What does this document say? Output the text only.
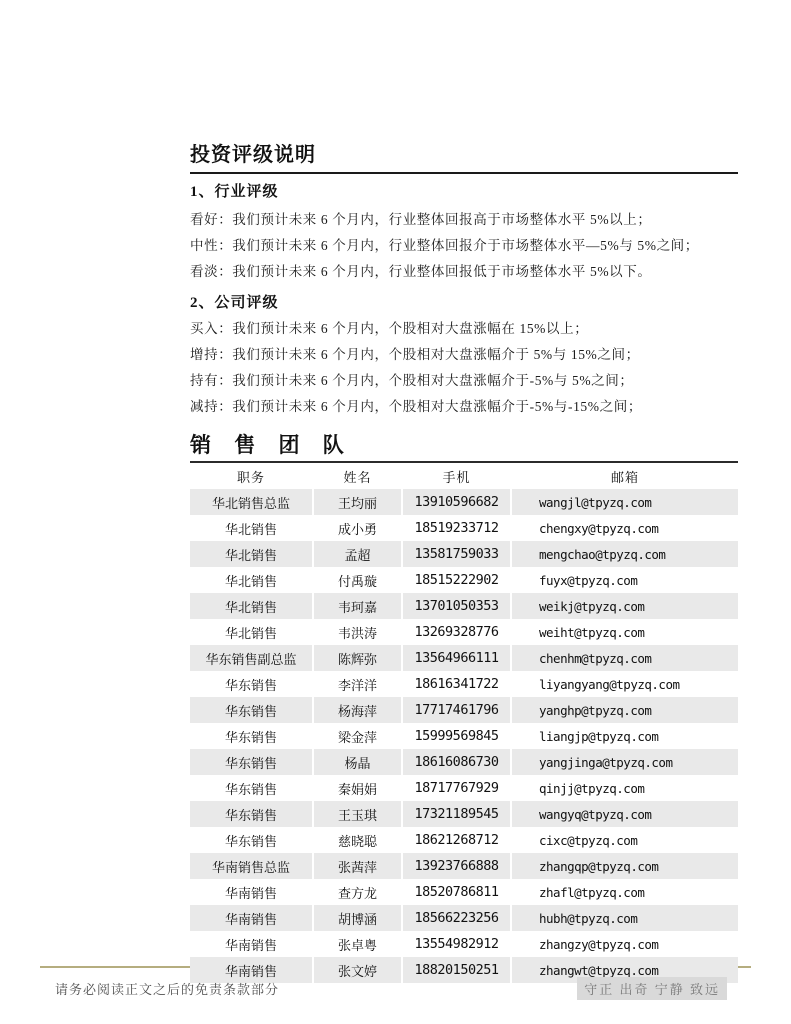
投资评级说明
1、行业评级
看好：我们预计未来 6 个月内，行业整体回报高于市场整体水平 5%以上；
中性：我们预计未来 6 个月内，行业整体回报介于市场整体水平—5%与 5%之间；
看淡：我们预计未来 6 个月内，行业整体回报低于市场整体水平 5%以下。
2、公司评级
买入：我们预计未来 6 个月内，个股相对大盘涨幅在 15%以上；
增持：我们预计未来 6 个月内，个股相对大盘涨幅介于 5%与 15%之间；
持有：我们预计未来 6 个月内，个股相对大盘涨幅介于-5%与 5%之间；
减持：我们预计未来 6 个月内，个股相对大盘涨幅介于-5%与-15%之间；
销 售 团 队
职务	姓名	手机	邮箱
华北销售总监	王均丽	13910596682	wangjl@tpyzq.com
华北销售	成小勇	18519233712	chengxy@tpyzq.com
华北销售	孟超	13581759033	mengchao@tpyzq.com
华北销售	付禹璇	18515222902	fuyx@tpyzq.com
华北销售	韦珂嘉	13701050353	weikj@tpyzq.com
华北销售	韦洪涛	13269328776	weiht@tpyzq.com
华东销售副总监	陈辉弥	13564966111	chenhm@tpyzq.com
华东销售	李洋洋	18616341722	liyangyang@tpyzq.com
华东销售	杨海萍	17717461796	yanghp@tpyzq.com
华东销售	梁金萍	15999569845	liangjp@tpyzq.com
华东销售	杨晶	18616086730	yangjinga@tpyzq.com
华东销售	秦娟娟	18717767929	qinjj@tpyzq.com
华东销售	王玉琪	17321189545	wangyq@tpyzq.com
华东销售	慈晓聪	18621268712	cixc@tpyzq.com
华南销售总监	张茜萍	13923766888	zhangqp@tpyzq.com
华南销售	查方龙	18520786811	zhafl@tpyzq.com
华南销售	胡博涵	18566223256	hubh@tpyzq.com
华南销售	张卓粤	13554982912	zhangzy@tpyzq.com
华南销售	张文婷	18820150251	zhangwt@tpyzq.com
请务必阅读正文之后的免责条款部分	守正 出奇 宁静 致远
